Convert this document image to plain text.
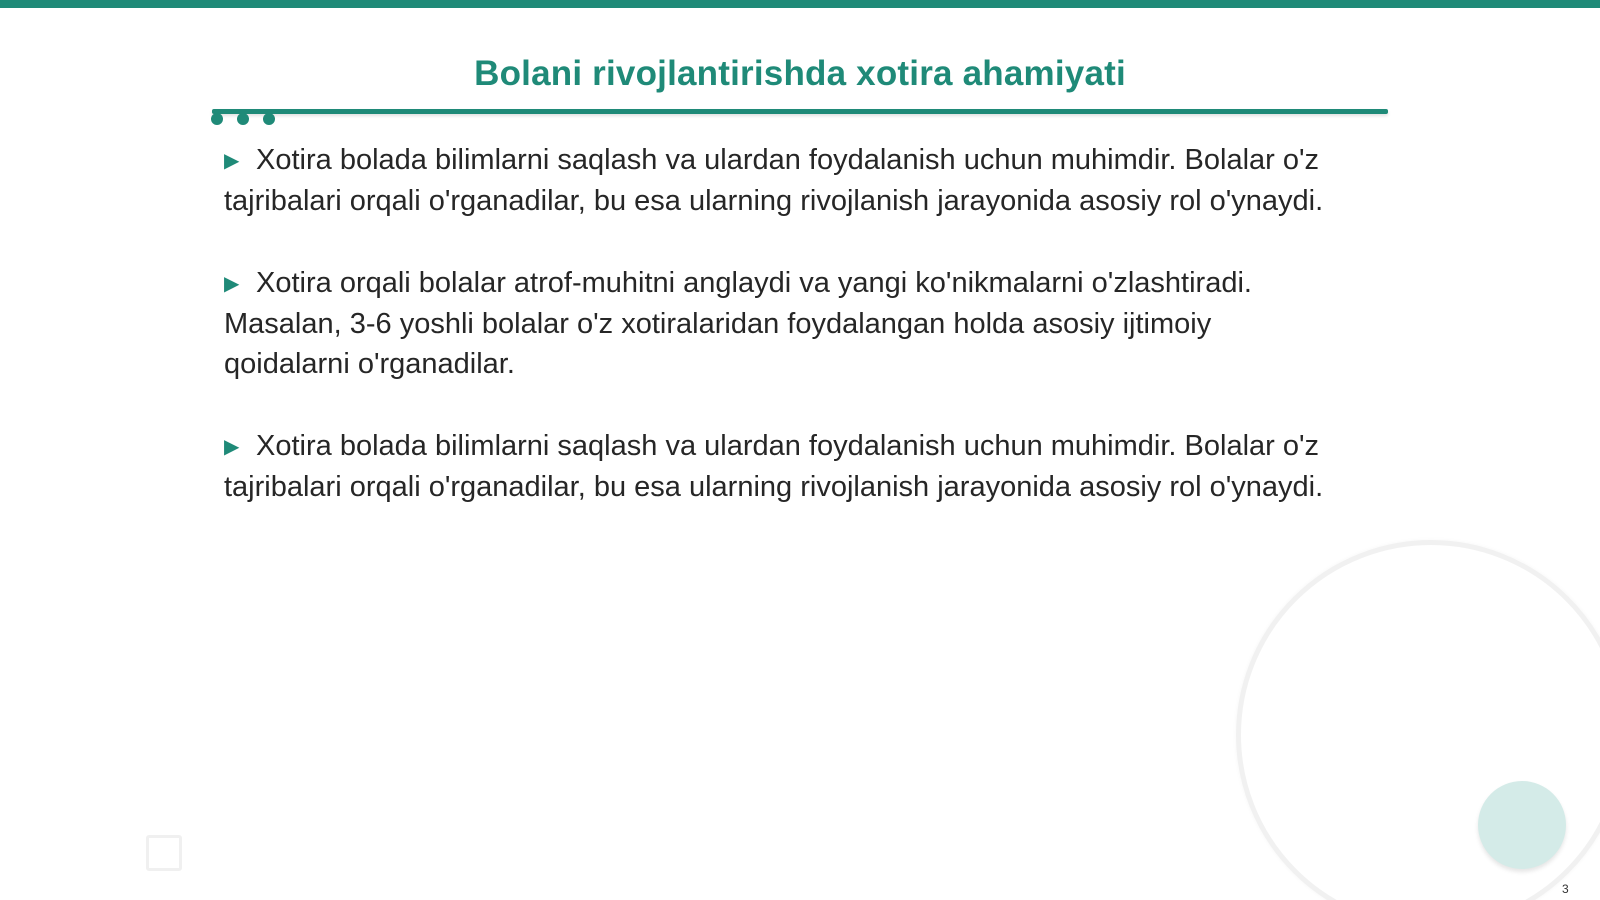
Bolani rivojlantirishda xotira ahamiyati
▶ Xotira bolada bilimlarni saqlash va ulardan foydalanish uchun muhimdir. Bolalar o'z tajribalari orqali o'rganadilar, bu esa ularning rivojlanish jarayonida asosiy rol o'ynaydi.
▶ Xotira orqali bolalar atrof-muhitni anglaydi va yangi ko'nikmalarni o'zlashtiradi. Masalan, 3-6 yoshli bolalar o'z xotiralaridan foydalangan holda asosiy ijtimoiy qoidalarni o'rganadilar.
▶ Xotira bolada bilimlarni saqlash va ulardan foydalanish uchun muhimdir. Bolalar o'z tajribalari orqali o'rganadilar, bu esa ularning rivojlanish jarayonida asosiy rol o'ynaydi.
3
